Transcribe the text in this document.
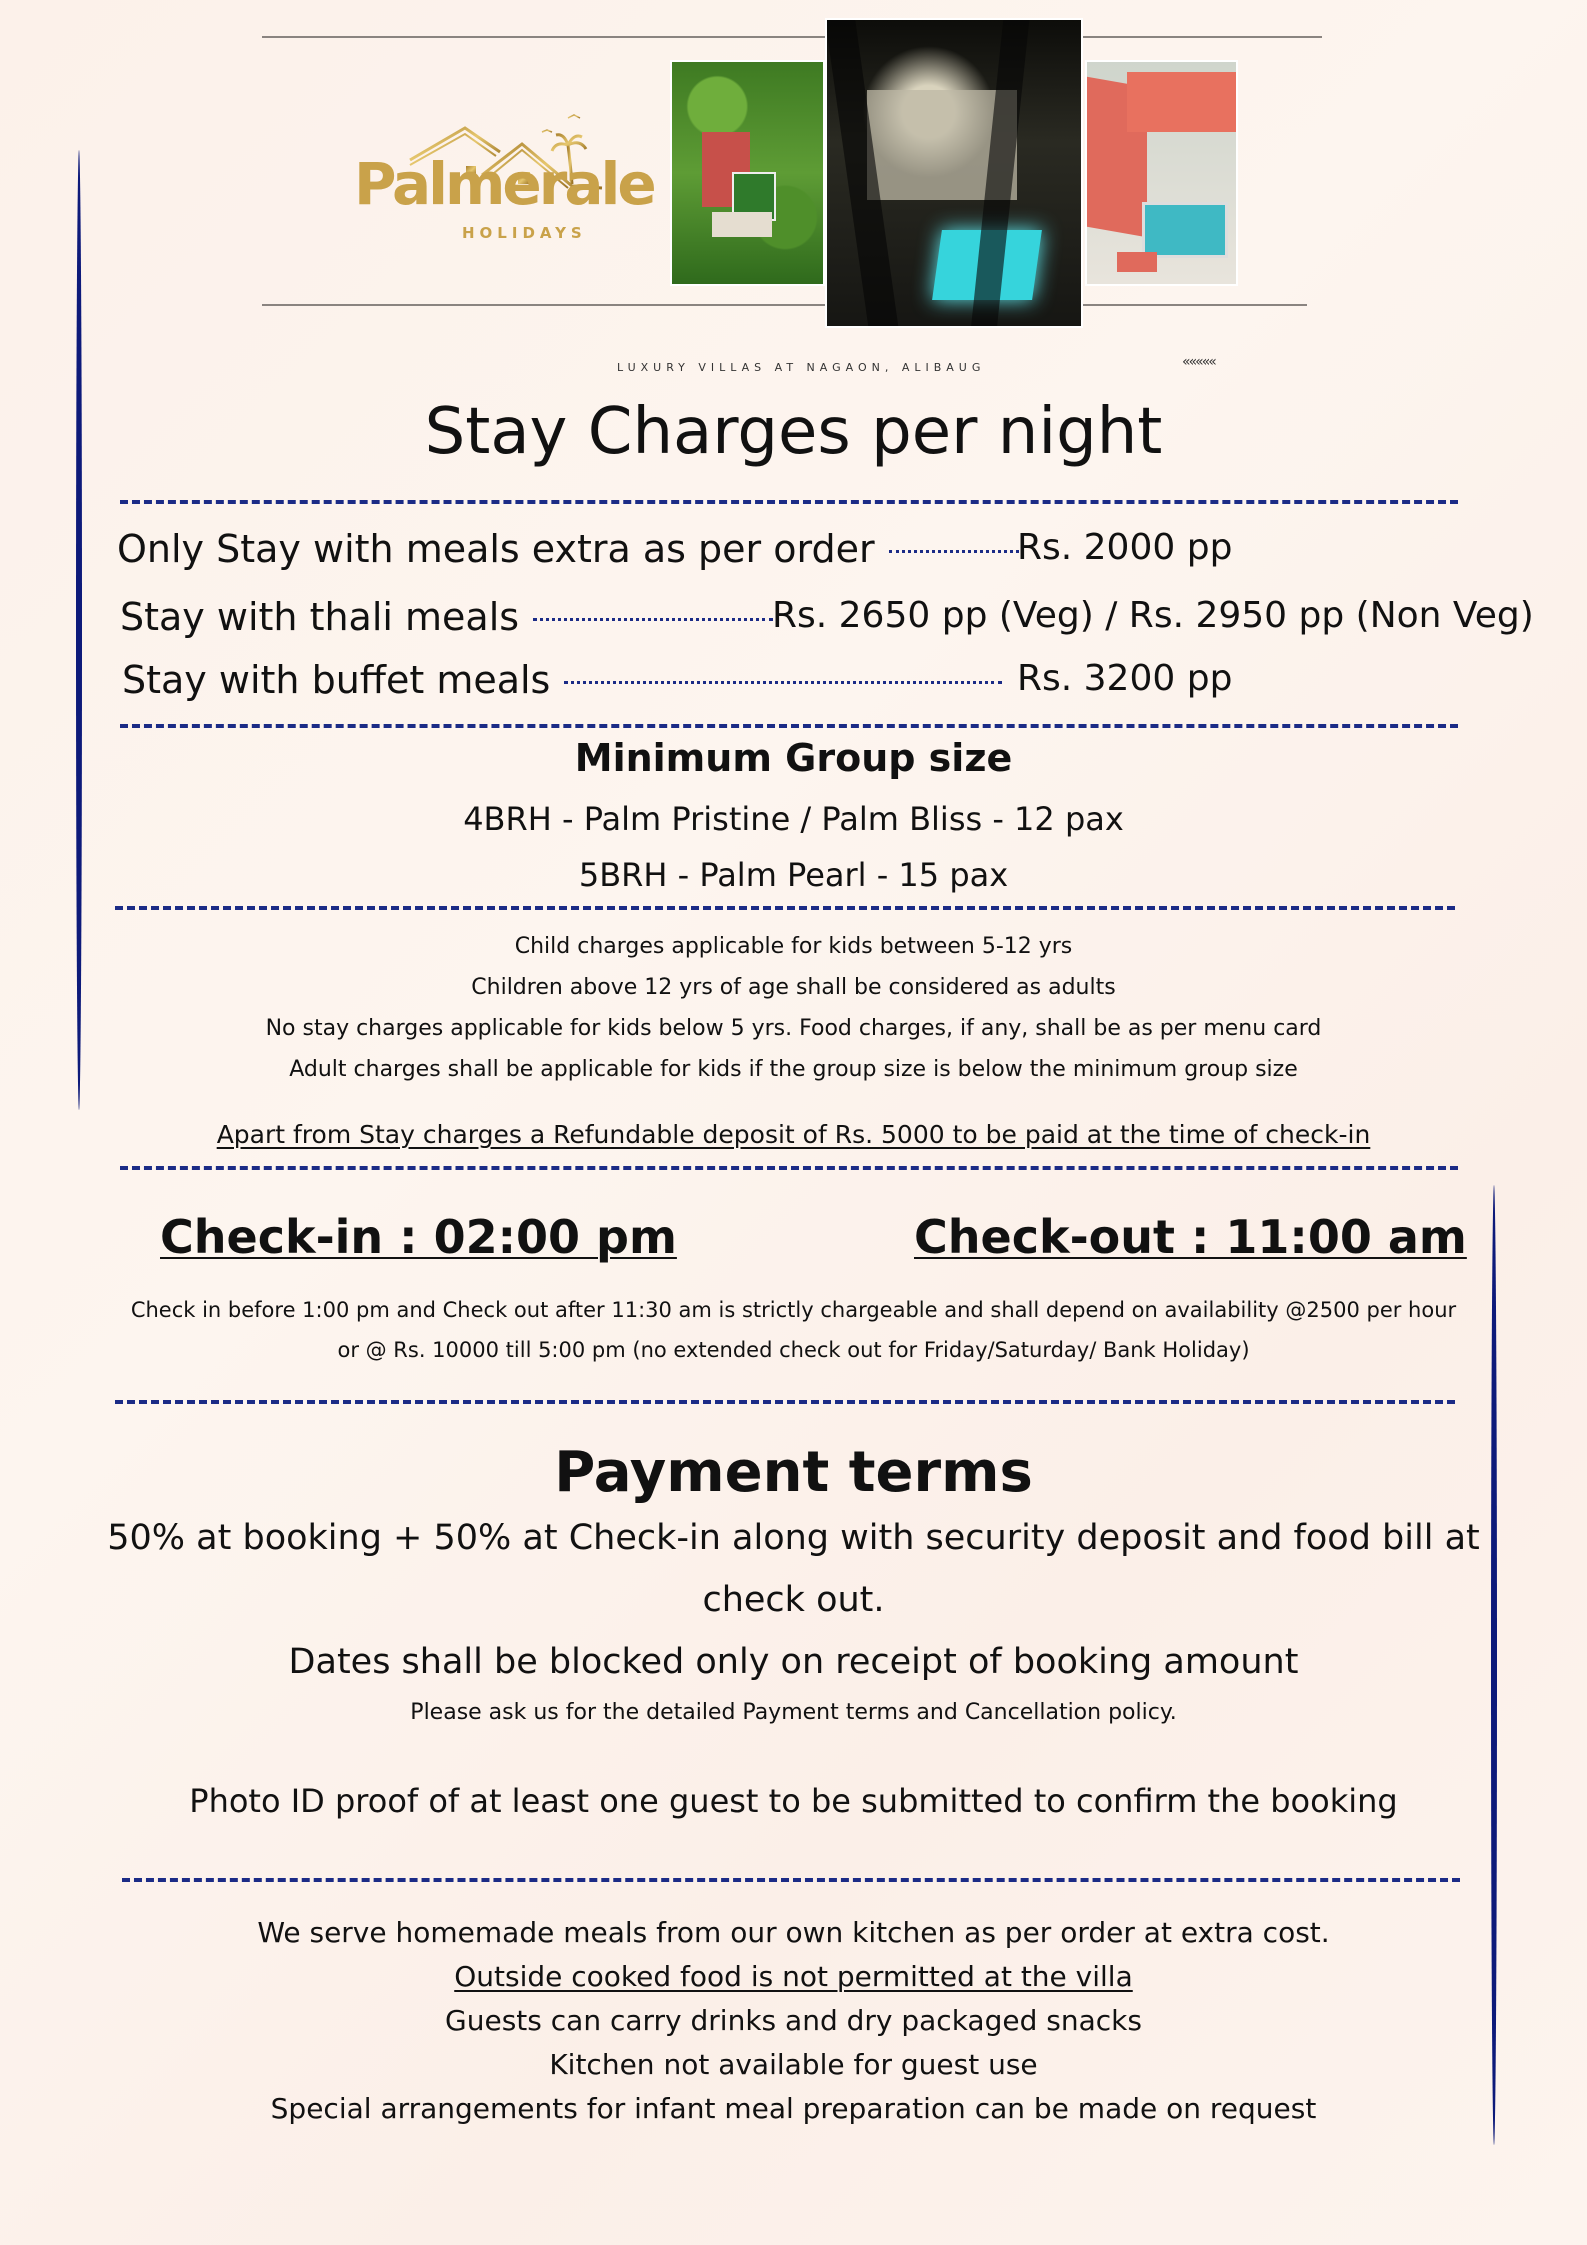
Palmerale
HOLIDAYS
LUXURY VILLAS AT NAGAON, ALIBAUG	«««««
Stay Charges per night
Only Stay with meals extra as per order	Rs. 2000 pp
Stay with thali meals	Rs. 2650 pp (Veg) / Rs. 2950 pp (Non Veg)
Stay with buffet meals	Rs. 3200 pp
Minimum Group size
4BRH - Palm Pristine / Palm Bliss - 12 pax
5BRH - Palm Pearl - 15 pax
Child charges applicable for kids between 5-12 yrs
Children above 12 yrs of age shall be considered as adults
No stay charges applicable for kids below 5 yrs. Food charges, if any, shall be as per menu card
Adult charges shall be applicable for kids if the group size is below the minimum group size
Apart from Stay charges a Refundable deposit of Rs. 5000 to be paid at the time of check-in
Check-in : 02:00 pm	Check-out : 11:00 am
Check in before 1:00 pm and Check out after 11:30 am is strictly chargeable and shall depend on availability @2500 per hour
or @ Rs. 10000 till 5:00 pm (no extended check out for Friday/Saturday/ Bank Holiday)
Payment terms
50% at booking + 50% at Check-in along with security deposit and food bill at
check out.
Dates shall be blocked only on receipt of booking amount
Please ask us for the detailed Payment terms and Cancellation policy.
Photo ID proof of at least one guest to be submitted to confirm the booking
We serve homemade meals from our own kitchen as per order at extra cost.
Outside cooked food is not permitted at the villa
Guests can carry drinks and dry packaged snacks
Kitchen not available for guest use
Special arrangements for infant meal preparation can be made on request
